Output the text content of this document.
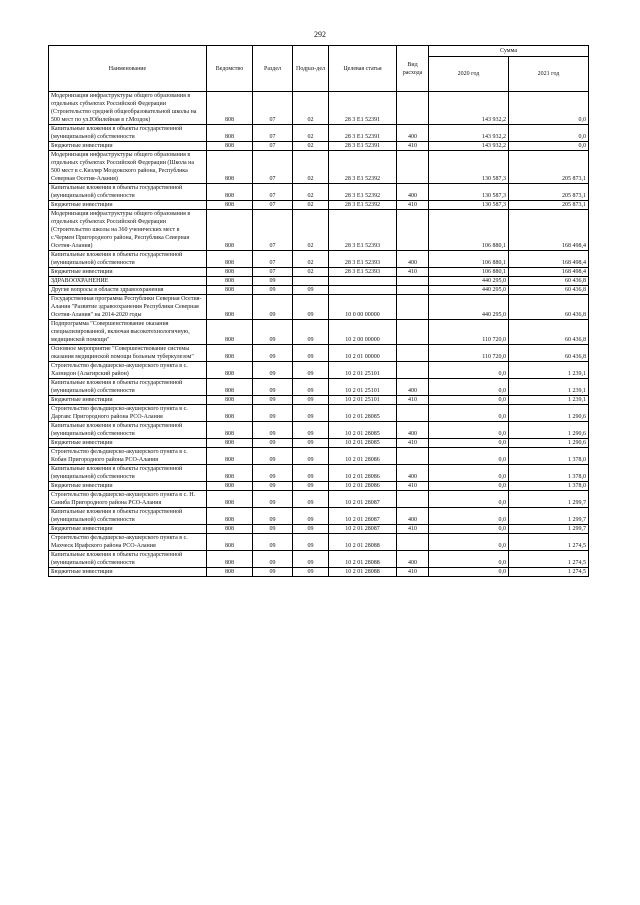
292
Наименование	Ведомство	Раздел	Подраз-дел	Целевая статья	Вид расхода	Сумма	
						2020 год	2021 год
Модернизация инфраструктуры общего образования в отдельных субъектах Российской Федерации (Строительство средней общеобразовательной школы на 500 мест по ул.Юбилейная в г.Моздок)	808	07	02	28 3 Е1 52391		143 932,2	0,0
Капитальные вложения в объекты государственной (муниципальной) собственности	808	07	02	28 3 Е1 52391	400	143 932,2	0,0
Бюджетные инвестиции	808	07	02	28 3 Е1 52391	410	143 932,2	0,0
Модернизация инфраструктуры общего образования в отдельных субъектах Российской Федерации (Школа на 500 мест в с.Кизляр Моздокского района, Республика Северная Осетия-Алания)	808	07	02	28 3 Е1 52392		130 587,3	205 873,1
Капитальные вложения в объекты государственной (муниципальной) собственности	808	07	02	28 3 Е1 52392	400	130 587,3	205 873,1
Бюджетные инвестиции	808	07	02	28 3 Е1 52392	410	130 587,3	205 873,1
Модернизация инфраструктуры общего образования в отдельных субъектах Российской Федерации (Строительство школы на 360 ученических мест в с.Чермен Пригородного района, Республика Северная Осетия-Алания)	808	07	02	28 3 Е1 52393		106 880,1	168 498,4
Капитальные вложения в объекты государственной (муниципальной) собственности	808	07	02	28 3 Е1 52393	400	106 880,1	168 498,4
Бюджетные инвестиции	808	07	02	28 3 Е1 52393	410	106 880,1	168 498,4
ЗДРАВООХРАНЕНИЕ	808	09				440 295,0	60 436,8
Другие вопросы в области здравоохранения	808	09	09			440 295,0	60 436,8
Государственная программа Республики Северная Осетия-Алания "Развитие здравоохранения Республики Северная Осетия-Алания" на 2014-2020 годы	808	09	09	10 0 00 00000		440 295,0	60 436,8
Подпрограмма "Совершенствование оказания специализированной, включая высокотехнологичную, медицинской помощи"	808	09	09	10 2 00 00000		110 720,0	60 436,8
Основное мероприятие "Совершенствование системы оказания медицинской помощи больным туберкулезом"	808	09	09	10 2 01 00000		110 720,0	60 436,8
Строительство фельдшерско-акушерского пункта в с. Хазнидон (Алагирский район)	808	09	09	10 2 01 25101		0,0	1 239,1
Капитальные вложения в объекты государственной (муниципальной) собственности	808	09	09	10 2 01 25101	400	0,0	1 239,1
Бюджетные инвестиции	808	09	09	10 2 01 25101	410	0,0	1 239,1
Строительство фельдшерско-акушерского пункта в с. Даргавс Пригородного района РСО-Алания	808	09	09	10 2 01 28085		0,0	1 290,6
Капитальные вложения в объекты государственной (муниципальной) собственности	808	09	09	10 2 01 28085	400	0,0	1 290,6
Бюджетные инвестиции	808	09	09	10 2 01 28085	410	0,0	1 290,6
Строительство фельдшерско-акушерского пункта в с. Кобан Пригородного района РСО-Алания	808	09	09	10 2 01 28086		0,0	1 378,0
Капитальные вложения в объекты государственной (муниципальной) собственности	808	09	09	10 2 01 28086	400	0,0	1 378,0
Бюджетные инвестиции	808	09	09	10 2 01 28086	410	0,0	1 378,0
Строительство фельдшерско-акушерского пункта в с. Н. Саниба Пригородного района РСО-Алания	808	09	09	10 2 01 28087		0,0	1 299,7
Капитальные вложения в объекты государственной (муниципальной) собственности	808	09	09	10 2 01 28087	400	0,0	1 299,7
Бюджетные инвестиции	808	09	09	10 2 01 28087	410	0,0	1 299,7
Строительство фельдшерско-акушерского пункта в с. Махческ Ирафского района РСО-Алания	808	09	09	10 2 01 28088		0,0	1 274,5
Капитальные вложения в объекты государственной (муниципальной) собственности	808	09	09	10 2 01 28088	400	0,0	1 274,5
Бюджетные инвестиции	808	09	09	10 2 01 28088	410	0,0	1 274,5
